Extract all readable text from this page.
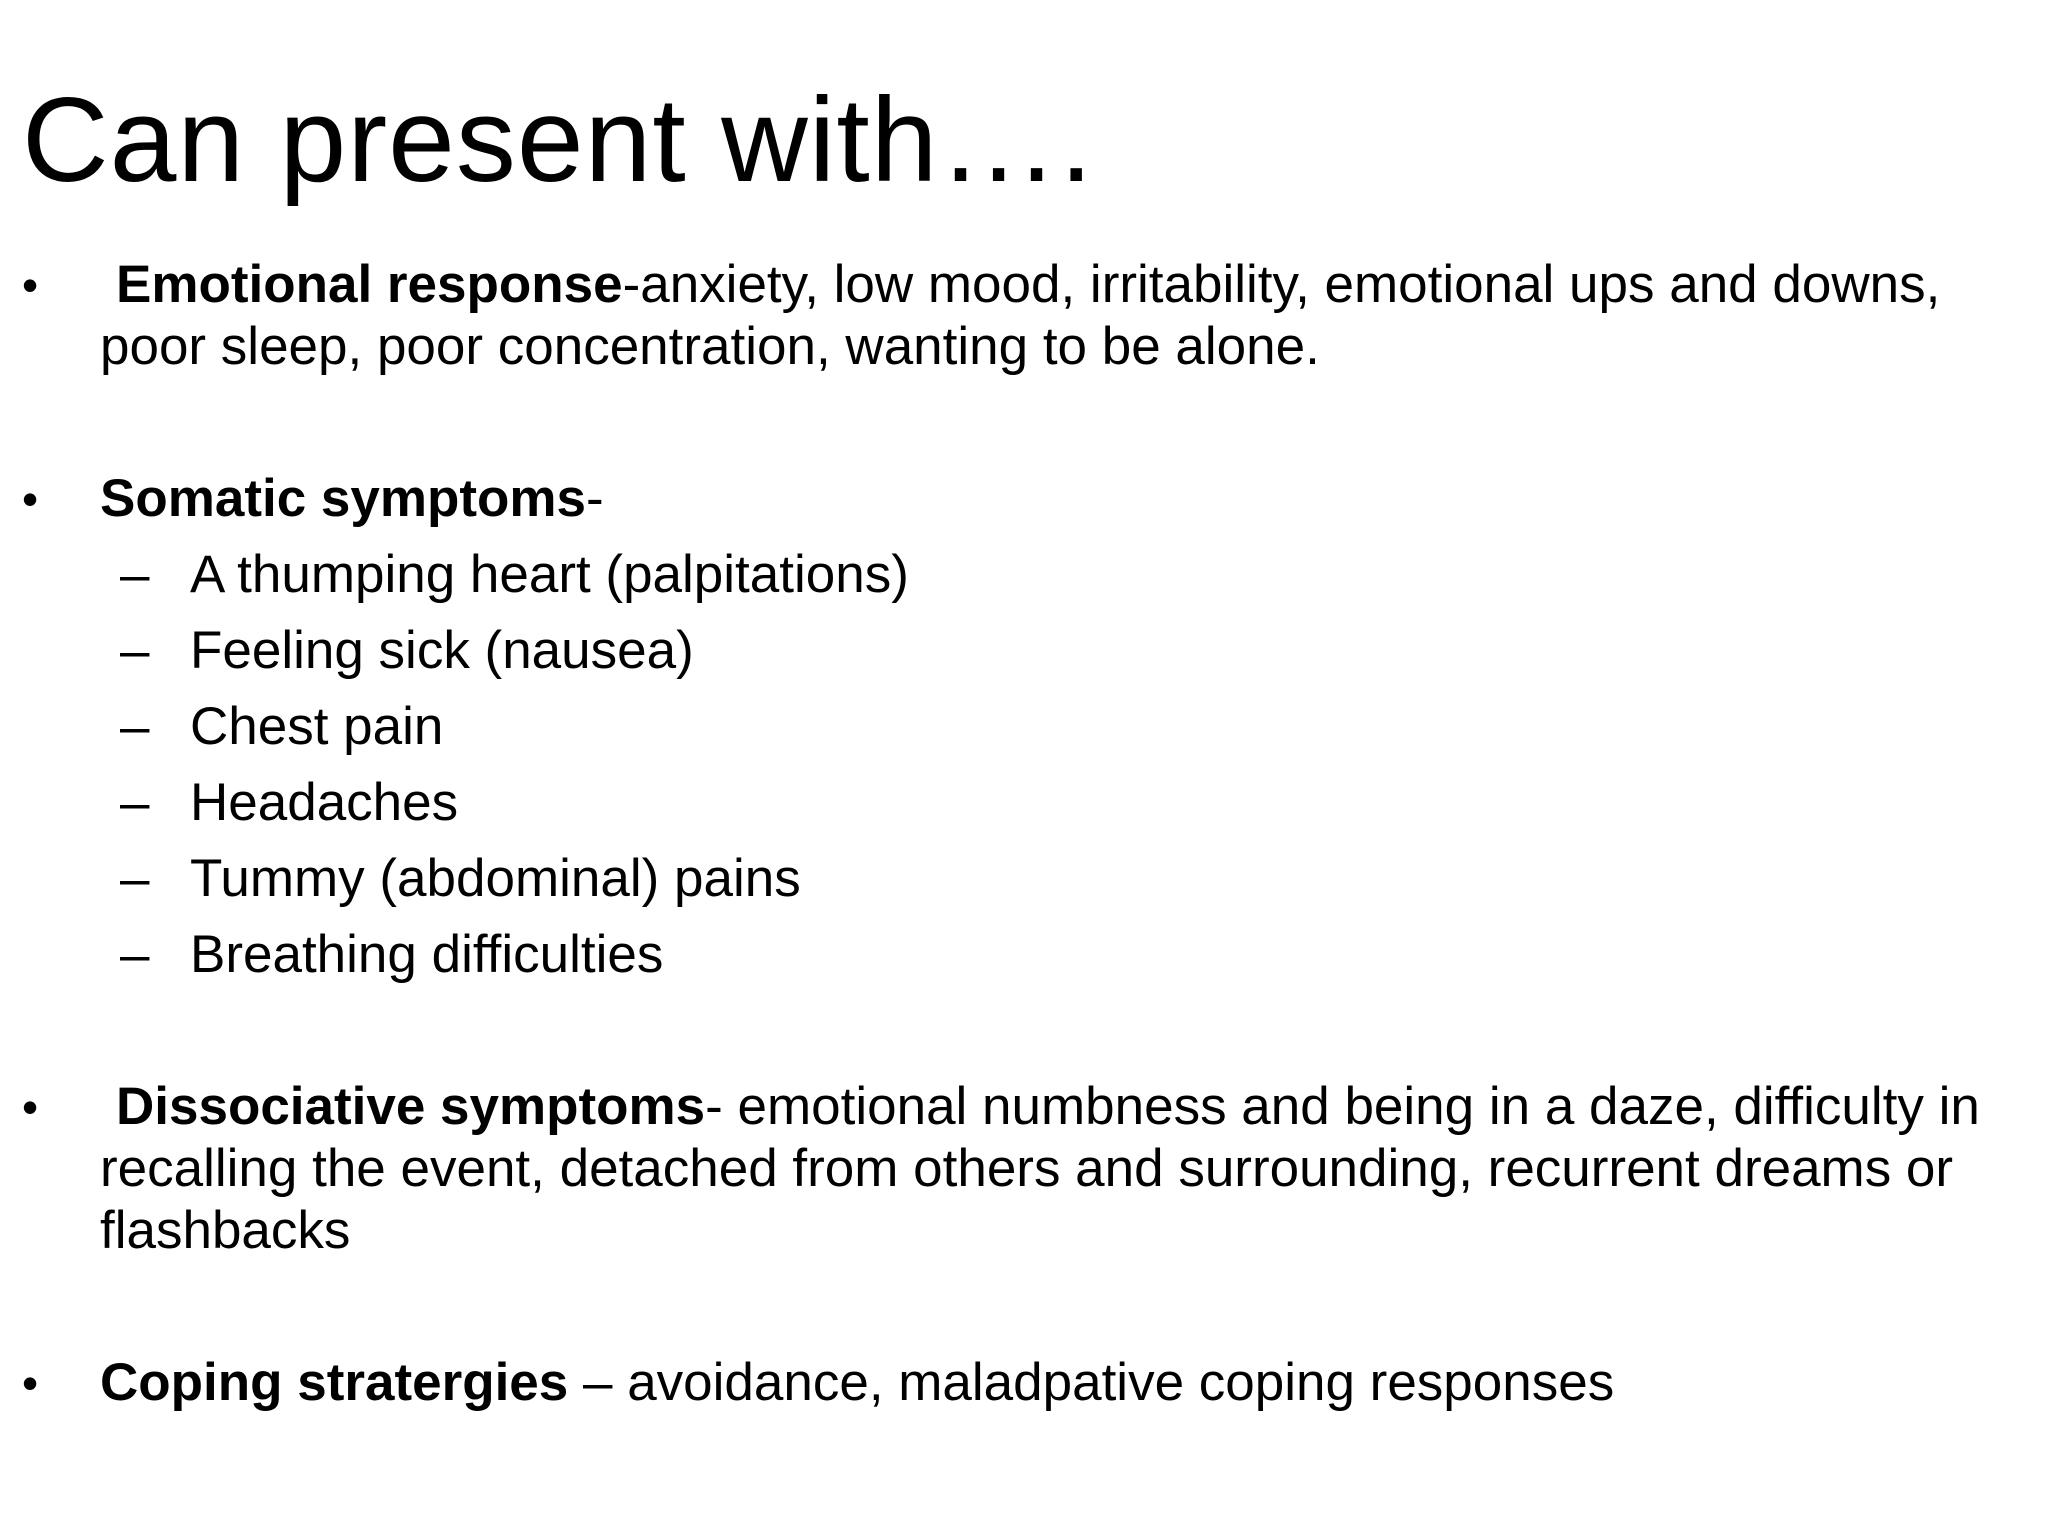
Can present with….
•	Emotional response-anxiety, low mood, irritability, emotional ups and downs, poor sleep, poor concentration, wanting to be alone.
•	Somatic symptoms-
– A thumping heart (palpitations)
– Feeling sick (nausea)
– Chest pain
– Headaches
– Tummy (abdominal) pains
– Breathing difficulties
•	Dissociative symptoms- emotional numbness and being in a daze, difficulty in recalling the event, detached from others and surrounding, recurrent dreams or flashbacks
•	Coping stratergies – avoidance, maladpative coping responses
